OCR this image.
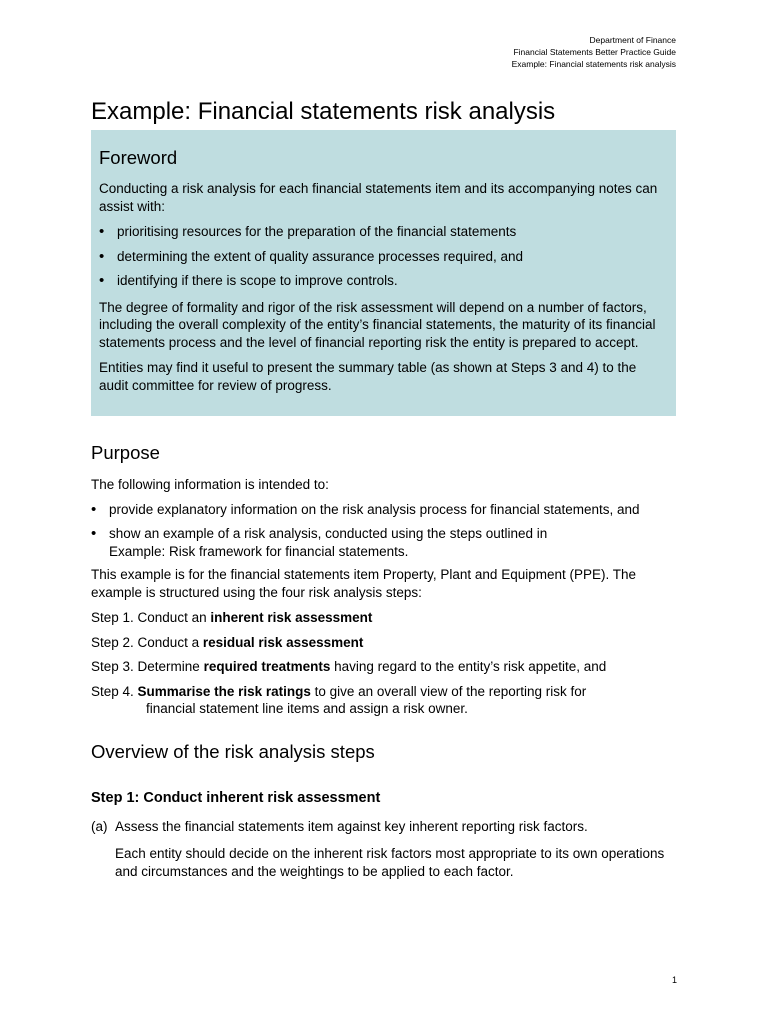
Department of Finance
Financial Statements Better Practice Guide
Example: Financial statements risk analysis
Example: Financial statements risk analysis
Foreword

Conducting a risk analysis for each financial statements item and its accompanying notes can assist with:

• prioritising resources for the preparation of the financial statements
• determining the extent of quality assurance processes required, and
• identifying if there is scope to improve controls.

The degree of formality and rigor of the risk assessment will depend on a number of factors, including the overall complexity of the entity’s financial statements, the maturity of its financial statements process and the level of financial reporting risk the entity is prepared to accept.

Entities may find it useful to present the summary table (as shown at Steps 3 and 4) to the audit committee for review of progress.

Purpose

The following information is intended to:

• provide explanatory information on the risk analysis process for financial statements, and
• show an example of a risk analysis, conducted using the steps outlined in
Example: Risk framework for financial statements.

This example is for the financial statements item Property, Plant and Equipment (PPE). The example is structured using the four risk analysis steps:

Step 1. Conduct an inherent risk assessment

Step 2. Conduct a residual risk assessment

Step 3. Determine required treatments having regard to the entity’s risk appetite, and

Step 4. Summarise the risk ratings to give an overall view of the reporting risk for
financial statement line items and assign a risk owner.

Overview of the risk analysis steps

Step 1: Conduct inherent risk assessment

(a) Assess the financial statements item against key inherent reporting risk factors.

Each entity should decide on the inherent risk factors most appropriate to its own operations and circumstances and the weightings to be applied to each factor.

1
